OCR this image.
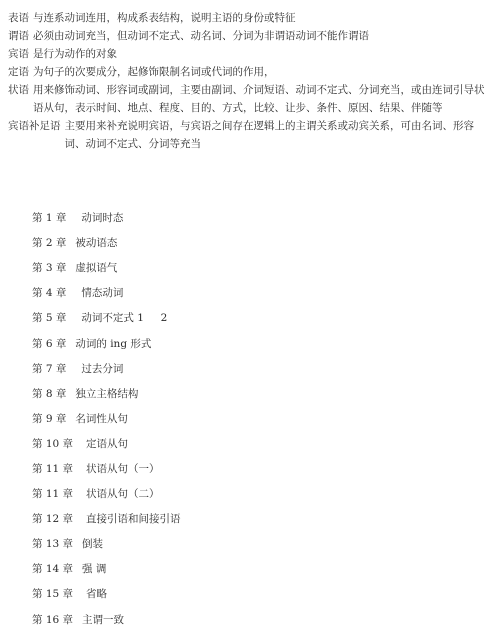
表语 与连系动词连用，构成系表结构，说明主语的身份或特征
谓语 必须由动词充当，但动词不定式、动名词、分词为非谓语动词不能作谓语
宾语 是行为动作的对象
定语 为句子的次要成分，起修饰限制名词或代词的作用，
状语 用来修饰动词、形容词或副词，主要由副词、介词短语、动词不定式、分词充当，或由连词引导状语从句，表示时间、地点、程度、目的、方式，比较、让步、条件、原因、结果、伴随等
宾语补足语 主要用来补充说明宾语，与宾语之间存在逻辑上的主谓关系或动宾关系，可由名词、形容词、动词不定式、分词等充当
第 1 章 动词时态
第 2 章 被动语态
第 3 章 虚拟语气
第 4 章 情态动词
第 5 章 动词不定式 1     2
第 6 章 动词的 ing 形式
第 7 章 过去分词
第 8 章 独立主格结构
第 9 章 名词性从句
第 10 章 定语从句
第 11 章 状语从句（一）
第 11 章 状语从句（二）
第 12 章 直接引语和间接引语
第 13 章 倒装
第 14 章 强 调
第 15 章 省略
第 16 章 主谓一致
